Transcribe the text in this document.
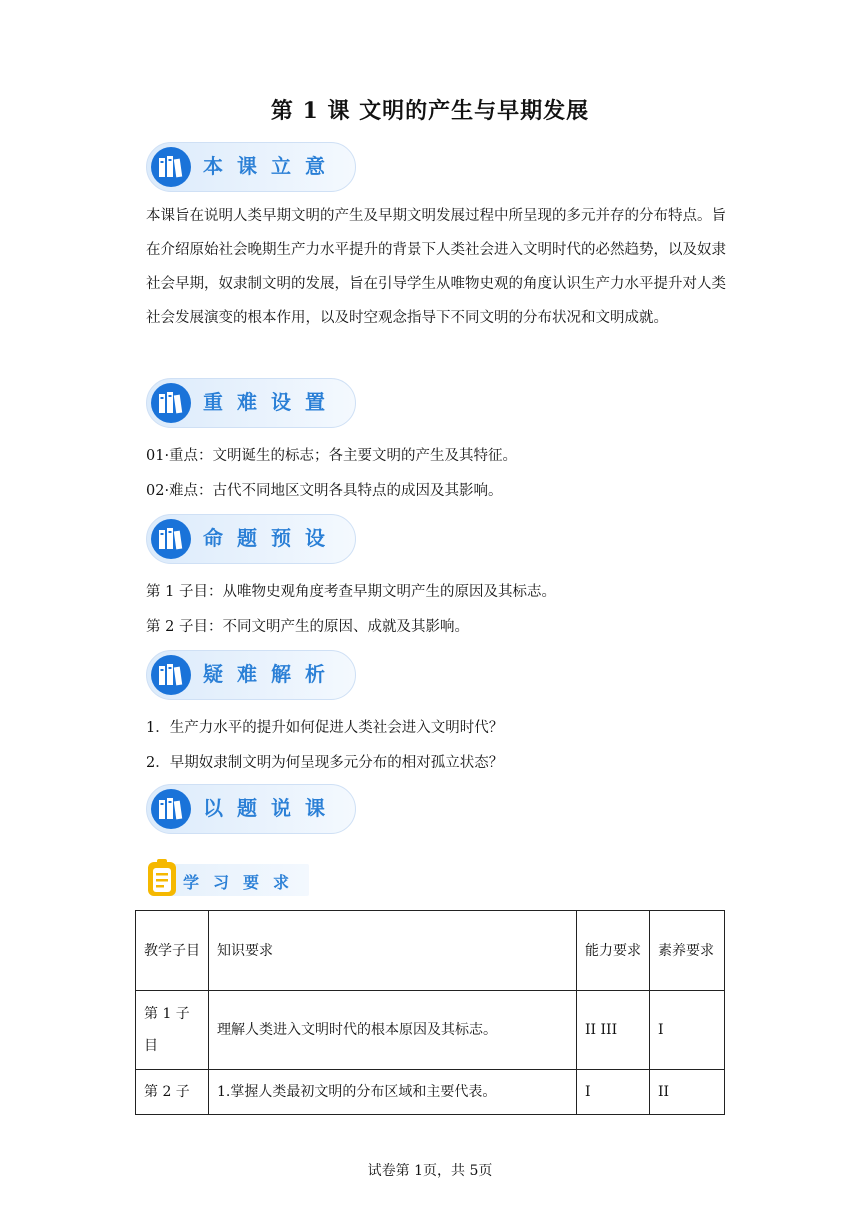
第 1 课 文明的产生与早期发展
本课立意
本课旨在说明人类早期文明的产生及早期文明发展过程中所呈现的多元并存的分布特点。旨在介绍原始社会晚期生产力水平提升的背景下人类社会进入文明时代的必然趋势，以及奴隶社会早期，奴隶制文明的发展，旨在引导学生从唯物史观的角度认识生产力水平提升对人类社会发展演变的根本作用，以及时空观念指导下不同文明的分布状况和文明成就。
重难设置
01·重点：文明诞生的标志；各主要文明的产生及其特征。
02·难点：古代不同地区文明各具特点的成因及其影响。
命题预设
第 1 子目：从唯物史观角度考查早期文明产生的原因及其标志。
第 2 子目：不同文明产生的原因、成就及其影响。
疑难解析
1．生产力水平的提升如何促进人类社会进入文明时代？
2．早期奴隶制文明为何呈现多元分布的相对孤立状态？
以题说课
学习要求
教学子目	知识要求	能力要求	素养要求
第 1 子目	理解人类进入文明时代的根本原因及其标志。	II III	I
第 2 子	1.掌握人类最初文明的分布区域和主要代表。	I	II
试卷第 1页，共 5页
